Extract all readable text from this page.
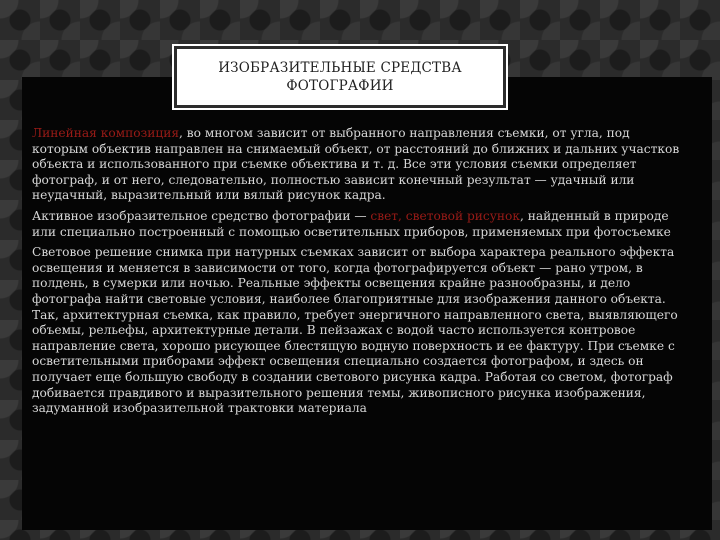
ИЗОБРАЗИТЕЛЬНЫЕ СРЕДСТВА
ФОТОГРАФИИ

Линейная композиция, во многом зависит от выбранного направления съемки, от угла, под которым объектив направлен на снимаемый объект, от расстояний до ближних и дальних участков объекта и использованного при съемке объектива и т. д. Все эти условия съемки определяет фотограф, и от него, следовательно, полностью зависит конечный результат — удачный или неудачный, выразительный или вялый рисунок кадра.

Активное изобразительное средство фотографии — свет, световой рисунок, найденный в природе или специально построенный с помощью осветительных приборов, применяемых при фотосъемке

Световое решение снимка при натурных съемках зависит от выбора характера реального эффекта освещения и меняется в зависимости от того, когда фотографируется объект — рано утром, в полдень, в сумерки или ночью. Реальные эффекты освещения крайне разнообразны, и дело фотографа найти световые условия, наиболее благоприятные для изображения данного объекта. Так, архитектурная съемка, как правило, требует энергичного направленного света, выявляющего объемы, рельефы, архитектурные детали. В пейзажах с водой часто используется контровое направление света, хорошо рисующее блестящую водную поверхность и ее фактуру. При съемке с осветительными приборами эффект освещения специально создается фотографом, и здесь он получает еще большую свободу в создании светового рисунка кадра. Работая со светом, фотограф добивается правдивого и выразительного решения темы, живописного рисунка изображения, задуманной изобразительной трактовки материала
